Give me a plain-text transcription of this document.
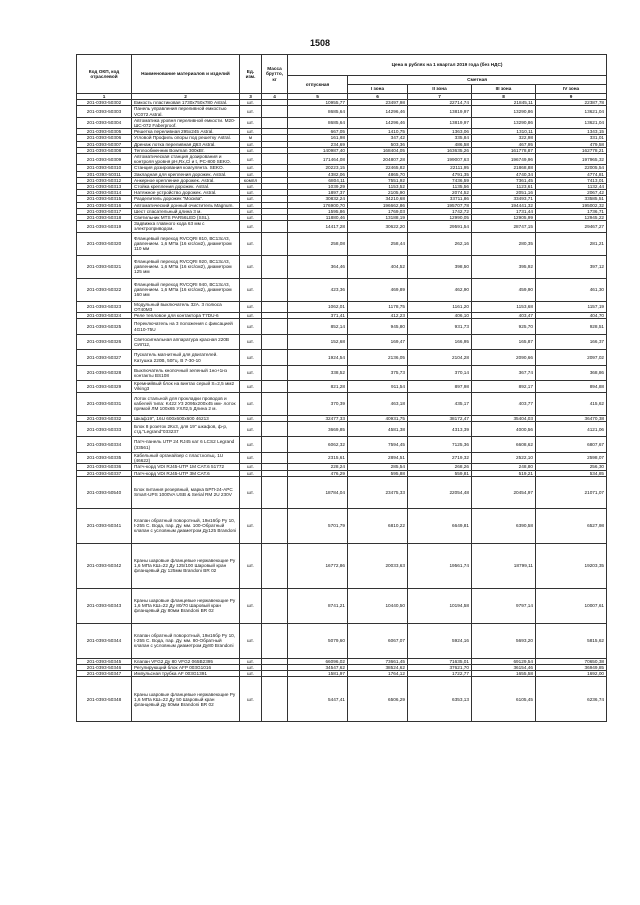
1508
Код ОКП, код отраслевой	Наименование материалов и изделий	Ед. изм.	Масса брутто, кг	Цена в рублях на 1 квартал 2019 года (без НДС)				
				отпускная	Сметная			
					I зона	II зона	III зона	IV зона
1	2	3	4	5	6	7	8	9
201-0393-50302	Емкость пластиковая 1730х750х780 Astral.	шт.		10955,77	23497,98	22714,74	21845,11	22387,78
201-0393-50303	Панель управления переливной емкостью VC072 Astral.	шт.		8685,64	14296,46	13819,97	13290,86	13621,04
201-0393-50304	Автоматика уровня переливной емкости. M20-ШС-072 Faberproof.	шт.		8685,64	14296,46	13819,97	13290,86	13621,04
201-0393-50305	Решетка переливная 295х245 Astral.	шт.		667,05	1410,75	1363,06	1310,11	1343,15
201-0393-50306	Угловой Профиль опоры под решетку Astral.	м		161,98	347,42	335,84	322,98	331,01
201-0393-50307	Дренаж лотка переливная Д63 Astral.	шт.		234,69	503,36	486,58	467,95	479,58
201-0393-50308	Теплообменник Bowman 300кВт.	шт.		140987,40	168404,05	163635,26	161778,87	162778,21
201-0393-50309	Автоматическая станция дозирования и контроля уровня pH,Rx,Cl и t, PC-800 SEKO.	шт.		171464,08	204807,28	199007,63	196749,96	197965,32
201-0393-50310	Станция дозирования коагулянта. SEKO.	шт.		20223,15	22465,82	22111,95	21868,88	22005,54
201-0393-50311	Закладная для крепления дорожек. Astral.	шт.		4382,06	4865,70	4791,35	4740,34	4774,81
201-0393-50312	Анкерное крепление дорожек. Astral.	компл		6804,11	7551,92	7436,59	7361,45	7413,01
201-0393-50313	Стойка крепления дорожек. Astral.	шт.		1039,29	1153,52	1135,56	1123,61	1132,44
201-0393-50314	Натяжное устройство дорожек. Astral.	шт.		1897,37	2105,90	2074,52	2051,16	2067,42
201-0393-50315	Разделитель дорожек "Москва".	шт.		30832,24	34210,68	33711,86	33493,71	33585,51
201-0393-50316	Автоматический донный очиститель Magnum.	шт.		176900,70	196662,86	195707,78	194441,32	195002,32
201-0393-50317	Шест спасательный длина 3 м.	шт.		1595,86	1769,03	1742,72	1731,44	1736,71
201-0393-50318	Светильник MTS PAR56LED (SSL).	шт.		11880,46	13188,19	12990,05	12905,99	12945,22
201-0393-50319	Задвижка главного кода 63 мм с электроприводом.	шт.		14417,28	30622,20	29591,54	28747,15	29467,27
201-0393-50320	Фланцевый переход RVCQRI 810, ВС13сл3, давлением. 1,6 МПа (16 кгс/см2), диаметром 110 мм	шт.		258,08	258,44	262,16	280,35	281,21
201-0393-50321	Фланцевый переход RVCQRI 920, ВС13сл3, давлением. 1,6 МПа (16 кгс/см2), диаметром 125 мм	шт.		364,46	404,52	398,50	395,92	397,12
201-0393-50322	Фланцевый переход RVCQRI 940, ВС13сл3, давлением. 1,6 МПа (16 кгс/см2), диаметром 160 мм	шт.		423,36	469,89	462,90	459,90	461,30
201-0393-50323	Модульный выключатель 32А. 3 полюса ОТ40М3	шт.		1062,01	1178,75	1161,20	1153,68	1157,19
201-0393-50324	Реле тепловое для контактора Т7DU-6	шт.		371,41	412,23	406,10	403,47	404,70
201-0393-50325	Переключатель на 3 положения с фиксацией 4G10-75U	шт.		852,14	945,80	931,73	925,70	928,51
201-0393-50326	Светосигнальная аппаратура красная 220В СИЛ12,	шт.		152,68	169,47	166,95	165,87	166,37
201-0393-50327	Пускатель магнитный для двигателей. Катушка 220В, 50Гц. В 7-30-10	шт.		1924,54	2136,05	2104,28	2090,66	2097,02
201-0393-50328	Выключатель кнопочный зеленый 1но+1нз контакты BS108	шт.		338,52	375,73	370,14	367,74	368,86
201-0393-50329	Кремнийвый блок на винтах серый S=2,5 мм2 Viking3	шт.		821,28	911,54	897,98	892,17	894,88
201-0393-50331	Лоток стальной для прокладки проводов и кабелей типа: K422 У3 2095х200х45 мм- лоток прямой ЛМ 100х65 УХЛ2,5 Длина 2 м.	шт.		370,39	463,18	435,17	403,77	415,62
201-0393-50332	Шкаф19", 16U 600х600х600 46213	шт.		32477,33	40931,75	38172,47	35404,03	36470,38
201-0393-50333	Блок 8 розеток 2Кх3, для 19" шкафов, ф-р, стд."Legrand"033237	шт.		3669,85	4581,38	4313,39	4000,56	4121,06
201-0393-50334	Патч-панель UTP 24 RJ45 кат 6 LCS2 Legrand (33561)	шт.		6062,32	7594,45	7125,36	6608,62	6807,67
201-0393-50335	Кабельный органайзер с пласт.кольц. 1U (46622)	шт.		2315,61	2894,51	2719,32	2522,10	2598,07
201-0393-50336	Патч-корд VDI RJ45-UTP 1M CAT.6 51772	шт.		228,24	285,54	268,26	248,80	256,30
201-0393-50337	Патч-корд VDI RJ45-UTP 3M CAT.6	шт.		476,29	595,88	559,81	519,21	534,85
201-0393-50540	Блок питания резервный, марка БРП-24-APC Smart-UPS 1000VA USB & Serial RM 2U 230V	шт.		18784,04	23475,33	22054,48	20454,97	21071,07
201-0393-50341	Клапан обратный поворотный, 19и16бр Ру 10, t-255 С. Вода, пар. Ду. мм. 100-Обратный клапан с условным диаметром Ду125 Brandoni	шт.		5701,79	6810,22	6649,81	6390,58	6527,98
201-0393-50342	Краны шаровые фланцевые нержавеющие Ру 1,6 МПа КШ=22 Ду 125/100 Шаровый кран фланцевый Ду 125мм Brandoni BR 02	шт.		16772,86	20033,63	19561,74	18799,11	19203,35
201-0393-50343	Краны шаровые фланцевые нержавеющие Ру 1,6 МПа КШ=22 Ду 80/70 Шаровый кран фланцевый Ду 80мм Brandoni BR 02	шт.		8741,21	10440,50	10194,58	9797,14	10007,61
201-0393-50344	Клапан обратный поворотный, 19и16бр Ру 10, t-255 С. Вода, пар. Ду. мм. 80-Обратный клапан с условным диаметром Ду80 Brandoni	шт.		5079,60	6067,07	5924,16	5693,20	5815,62
201-0393-50345	Клапан VFG2 Ду 80 VFG2 065В2395	шт.		66096,02	73661,45	71635,01	69129,54	70650,38
201-0393-50346	Регулирующий блок AFP 003G1016	шт.		34547,62	38524,62	37621,70	36154,46	36949,85
201-0393-50347	Импульсная трубка AF 003G1391	шт.		1581,97	1764,12	1722,77	1655,58	1692,00
201-0393-50348	Краны шаровые фланцевые нержавеющие Ру 1,6 МПа КШ=22 Ду 50 Шаровый кран фланцевый Ду 50мм Brandoni BR 02	шт.		5447,41	6506,29	6353,13	6105,45	6236,74
